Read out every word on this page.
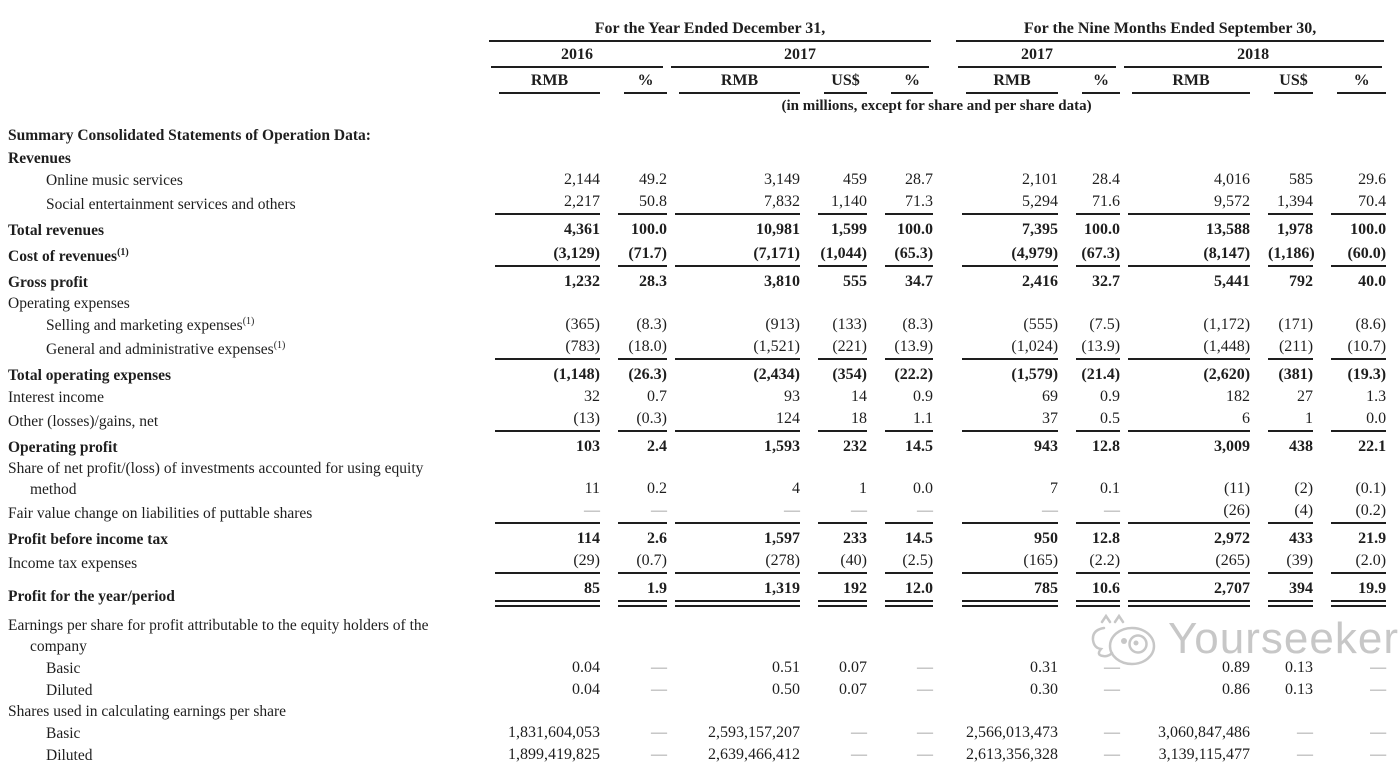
	For the Year Ended December 31,						For the Nine Months Ended September 30,				

	2016		2017				2017		2018		

	RMB	%	RMB	US$	%		RMB	%	RMB	US$	%

	(in millions, except for share and per share data)										
Summary Consolidated Statements of Operation Data:	

Revenues	

Online music services	2,144	49.2	3,149	459	28.7		2,101	28.4	4,016	585	29.6

Social entertainment services and others	2,217	50.8	7,832	1,140	71.3		5,294	71.6	9,572	1,394	70.4

Total revenues	4,361	100.0	10,981	1,599	100.0		7,395	100.0	13,588	1,978	100.0

Cost of revenues$^{(1)}$	(3,129)	(71.7)	(7,171)	(1,044)	(65.3)		(4,979)	(67.3)	(8,147)	(1,186)	(60.0)

Gross profit	1,232	28.3	3,810	555	34.7		2,416	32.7	5,441	792	40.0

Operating expenses	

Selling and marketing expenses$^{(1)}$	(365)	(8.3)	(913)	(133)	(8.3)		(555)	(7.5)	(1,172)	(171)	(8.6)

General and administrative expenses$^{(1)}$	(783)	(18.0)	(1,521)	(221)	(13.9)		(1,024)	(13.9)	(1,448)	(211)	(10.7)

Total operating expenses	(1,148)	(26.3)	(2,434)	(354)	(22.2)		(1,579)	(21.4)	(2,620)	(381)	(19.3)

Interest income	32	0.7	93	14	0.9		69	0.9	182	27	1.3

Other (losses)/gains, net	(13)	(0.3)	124	18	1.1		37	0.5	6	1	0.0

Operating profit	103	2.4	1,593	232	14.5		943	12.8	3,009	438	22.1

Share of net profit/(loss) of investments accounted for using equity
method	11	0.2	4	1	0.0		7	0.1	(11)	(2)	(0.1)

Fair value change on liabilities of puttable shares	—	—	—	—	—		—	—	(26)	(4)	(0.2)

Profit before income tax	114	2.6	1,597	233	14.5		950	12.8	2,972	433	21.9

Income tax expenses	(29)	(0.7)	(278)	(40)	(2.5)		(165)	(2.2)	(265)	(39)	(2.0)

Profit for the year/period	85	1.9	1,319	192	12.0		785	10.6	2,707	394	19.9

Earnings per share for profit attributable to the equity holders of the
company											

Basic	0.04	—	0.51	0.07	—		0.31	—	0.89	0.13	—

Diluted	0.04	—	0.50	0.07	—		0.30	—	0.86	0.13	—

Shares used in calculating earnings per share	

Basic	1,831,604,053	—	2,593,157,207	—	—		2,566,013,473	—	3,060,847,486	—	—

Diluted	1,899,419,825	—	2,639,466,412	—	—		2,613,356,328	—	3,139,115,477	—	—
Yourseeker
